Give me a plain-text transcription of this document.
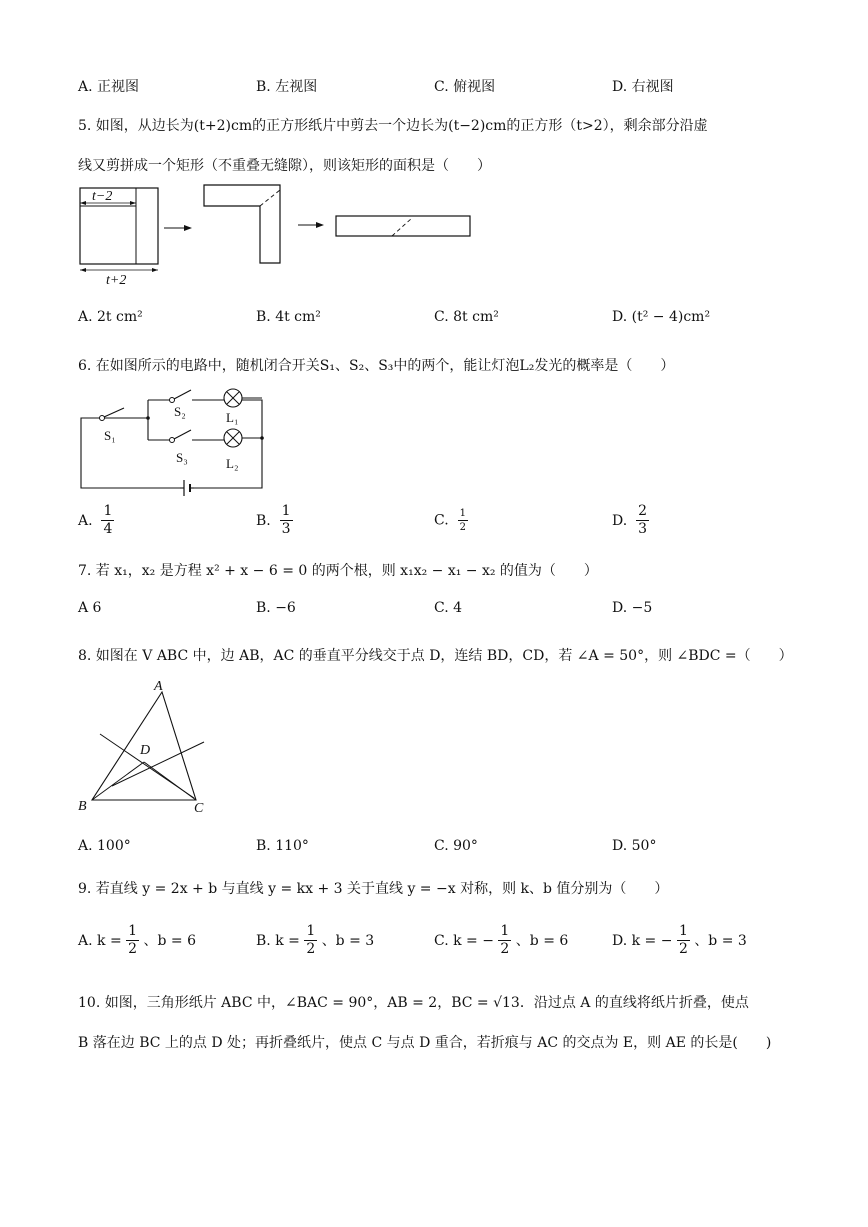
A. 正视图	B. 左视图	C. 俯视图	D. 右视图
5. 如图，从边长为(t+2)cm的正方形纸片中剪去一个边长为(t−2)cm的正方形（t>2），剩余部分沿虚
线又剪拼成一个矩形（不重叠无缝隙），则该矩形的面积是（　　）
t−2
t+2
A. 2t cm²	B. 4t cm²	C. 8t cm²	D. (t² − 4)cm²
6. 在如图所示的电路中，随机闭合开关S₁、S₂、S₃中的两个，能让灯泡L₂发光的概率是（　　）
S₁
S₂	L₁
S₃	L₂
A. $\frac{1}{4}$	B. $\frac{1}{3}$	C. $\frac{1}{2}$	D. $\frac{2}{3}$
7. 若 x₁，x₂ 是方程 x² + x − 6 = 0 的两个根，则 x₁x₂ − x₁ − x₂ 的值为（　　）
A 6	B. −6	C. 4	D. −5
8. 如图在 V ABC 中，边 AB，AC 的垂直平分线交于点 D，连结 BD，CD，若 ∠A = 50°，则 ∠BDC =（　　）
A
B	C
D
A. 100°	B. 110°	C. 90°	D. 50°
9. 若直线 y = 2x + b 与直线 y = kx + 3 关于直线 y = −x 对称，则 k、b 值分别为（　　）
A. $k = \frac{1}{2}$ 、b = 6	B. $k = \frac{1}{2}$ 、b = 3	C. k = − $\frac{1}{2}$ 、b = 6	D. k = − $\frac{1}{2}$ 、b = 3
10. 如图，三角形纸片 ABC 中，∠BAC = 90°，AB = 2，BC = √13．沿过点 A 的直线将纸片折叠，使点
B 落在边 BC 上的点 D 处；再折叠纸片，使点 C 与点 D 重合，若折痕与 AC 的交点为 E，则 AE 的长是(　　)
